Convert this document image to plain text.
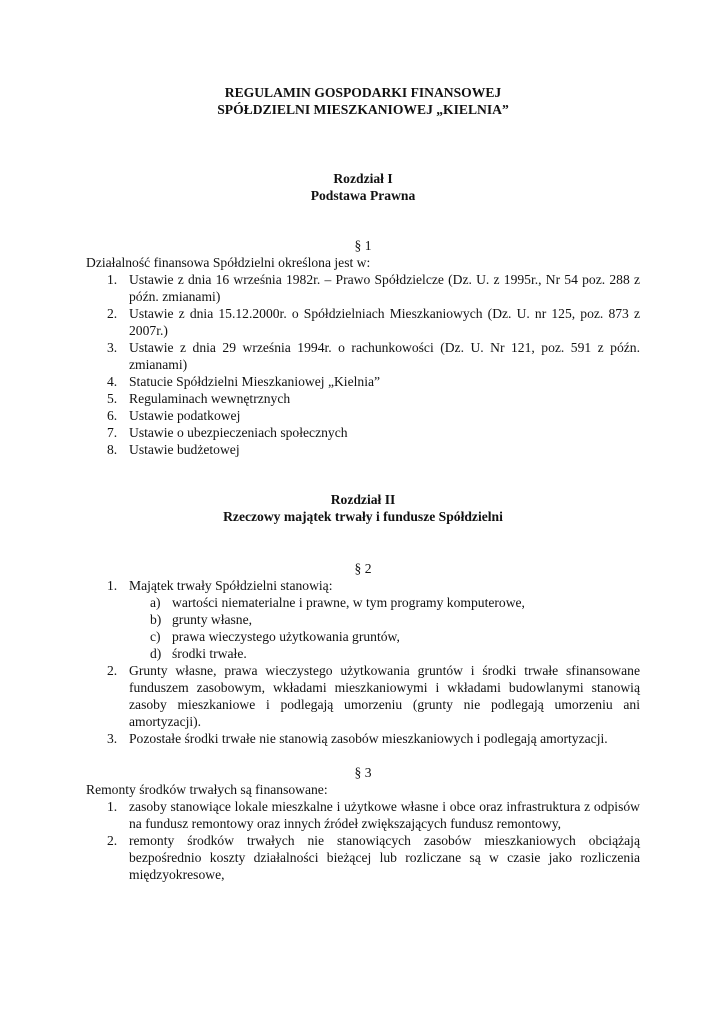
REGULAMIN GOSPODARKI FINANSOWEJ
SPÓŁDZIELNI MIESZKANIOWEJ „KIELNIA”
Rozdział I
Podstawa Prawna
§ 1
Działalność finansowa Spółdzielni określona jest w:
1. Ustawie z dnia 16 września 1982r. – Prawo Spółdzielcze (Dz. U. z 1995r., Nr 54 poz. 288 z późn. zmianami)
2. Ustawie z dnia 15.12.2000r. o Spółdzielniach Mieszkaniowych (Dz. U. nr 125, poz. 873 z 2007r.)
3. Ustawie z dnia 29 września 1994r. o rachunkowości (Dz. U. Nr 121, poz. 591 z późn. zmianami)
4. Statucie Spółdzielni Mieszkaniowej „Kielnia”
5. Regulaminach wewnętrznych
6. Ustawie podatkowej
7. Ustawie o ubezpieczeniach społecznych
8. Ustawie budżetowej
Rozdział II
Rzeczowy majątek trwały i fundusze Spółdzielni
§ 2
1. Majątek trwały Spółdzielni stanowią:
a) wartości niematerialne i prawne, w tym programy komputerowe,
b) grunty własne,
c) prawa wieczystego użytkowania gruntów,
d) środki trwałe.
2. Grunty własne, prawa wieczystego użytkowania gruntów i środki trwałe sfinansowane funduszem zasobowym, wkładami mieszkaniowymi i wkładami budowlanymi stanowią zasoby mieszkaniowe i podlegają umorzeniu (grunty nie podlegają umorzeniu ani amortyzacji).
3. Pozostałe środki trwałe nie stanowią zasobów mieszkaniowych i podlegają amortyzacji.
§ 3
Remonty środków trwałych są finansowane:
1. zasoby stanowiące lokale mieszkalne i użytkowe własne i obce oraz infrastruktura z odpisów na fundusz remontowy oraz innych źródeł zwiększających fundusz remontowy,
2. remonty środków trwałych nie stanowiących zasobów mieszkaniowych obciążają bezpośrednio koszty działalności bieżącej lub rozliczane są w czasie jako rozliczenia międzyokresowe,
